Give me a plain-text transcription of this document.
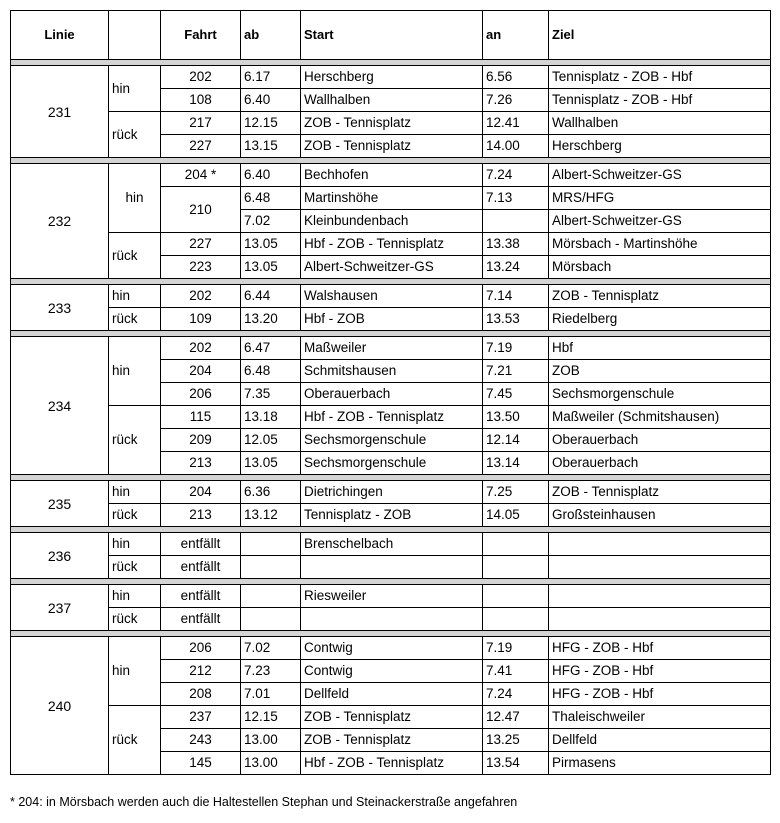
Linie		Fahrt	ab	Start	an	Ziel

231	hin	202	6.17	Herschberg	6.56	Tennisplatz - ZOB - Hbf
		108	6.40	Wallhalben	7.26	Tennisplatz - ZOB - Hbf
	rück	217	12.15	ZOB - Tennisplatz	12.41	Wallhalben
		227	13.15	ZOB - Tennisplatz	14.00	Herschberg

232	hin	204 *	6.40	Bechhofen	7.24	Albert-Schweitzer-GS
		210	6.48	Martinshöhe	7.13	MRS/HFG
			7.02	Kleinbundenbach		Albert-Schweitzer-GS
	rück	227	13.05	Hbf - ZOB - Tennisplatz	13.38	Mörsbach - Martinshöhe
		223	13.05	Albert-Schweitzer-GS	13.24	Mörsbach

233	hin	202	6.44	Walshausen	7.14	ZOB - Tennisplatz
	rück	109	13.20	Hbf - ZOB	13.53	Riedelberg

234	hin	202	6.47	Maßweiler	7.19	Hbf
		204	6.48	Schmitshausen	7.21	ZOB
		206	7.35	Oberauerbach	7.45	Sechsmorgenschule
	rück	115	13.18	Hbf - ZOB - Tennisplatz	13.50	Maßweiler (Schmitshausen)
		209	12.05	Sechsmorgenschule	12.14	Oberauerbach
		213	13.05	Sechsmorgenschule	13.14	Oberauerbach

235	hin	204	6.36	Dietrichingen	7.25	ZOB - Tennisplatz
	rück	213	13.12	Tennisplatz - ZOB	14.05	Großsteinhausen

236	hin	entfällt		Brenschelbach		
	rück	entfällt				

237	hin	entfällt		Riesweiler		
	rück	entfällt				

240	hin	206	7.02	Contwig	7.19	HFG - ZOB - Hbf
		212	7.23	Contwig	7.41	HFG - ZOB - Hbf
		208	7.01	Dellfeld	7.24	HFG - ZOB - Hbf
	rück	237	12.15	ZOB - Tennisplatz	12.47	Thaleischweiler
		243	13.00	ZOB - Tennisplatz	13.25	Dellfeld
		145	13.00	Hbf - ZOB - Tennisplatz	13.54	Pirmasens
* 204: in Mörsbach werden auch die Haltestellen Stephan und Steinackerstraße angefahren
